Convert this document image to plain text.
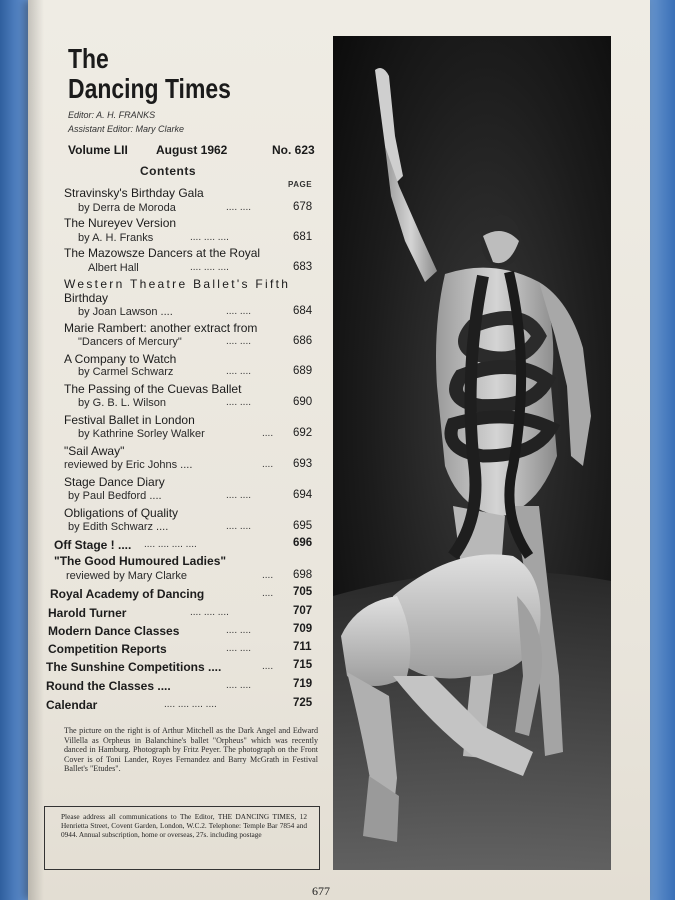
The
Dancing Times
Editor: A. H. FRANKS
Assistant Editor: Mary Clarke
Volume LII August 1962	No. 623
Contents
PAGE
Stravinsky's Birthday Gala
by Derra de Moroda	.... ....	678
The Nureyev Version
by A. H. Franks	.... .... ....	681
The Mazowsze Dancers at the Royal
Albert Hall	.... .... ....	683
Western Theatre Ballet's Fifth
Birthday
by Joan Lawson ....	.... ....	684
Marie Rambert: another extract from
"Dancers of Mercury"	.... ....	686
A Company to Watch
by Carmel Schwarz	.... ....	689
The Passing of the Cuevas Ballet
by G. B. L. Wilson	.... ....	690
Festival Ballet in London
by Kathrine Sorley Walker	.... 692
"Sail Away"
reviewed by Eric Johns ....	.... 693
Stage Dance Diary
by Paul Bedford ....	.... ....	694
Obligations of Quality
by Edith Schwarz ....	.... ....	695
Off Stage ! .... .... .... .... ....	696
"The Good Humoured Ladies"
reviewed by Mary Clarke	.... 698
Royal Academy of Dancing	.... 705
Harold Turner	.... .... ....	707
Modern Dance Classes	.... ....	709
Competition Reports	.... ....	711
The Sunshine Competitions ....	.... 715
Round the Classes ....	.... ....	719
Calendar	.... .... .... ....	725
The picture on the right is of Arthur Mitchell as the Dark Angel and Edward Villella as Orpheus in Balanchine's ballet "Orpheus" which was recently danced in Hamburg. Photograph by Fritz Peyer. The photograph on the Front Cover is of Toni Lander, Royes Fernandez and Barry McGrath in Festival Ballet's "Etudes".
Please address all communications to The Editor, THE DANCING TIMES, 12 Henrietta Street, Covent Garden, London, W.C.2. Telephone: Temple Bar 7854 and 0944. Annual subscription, home or overseas, 27s. including postage
677
